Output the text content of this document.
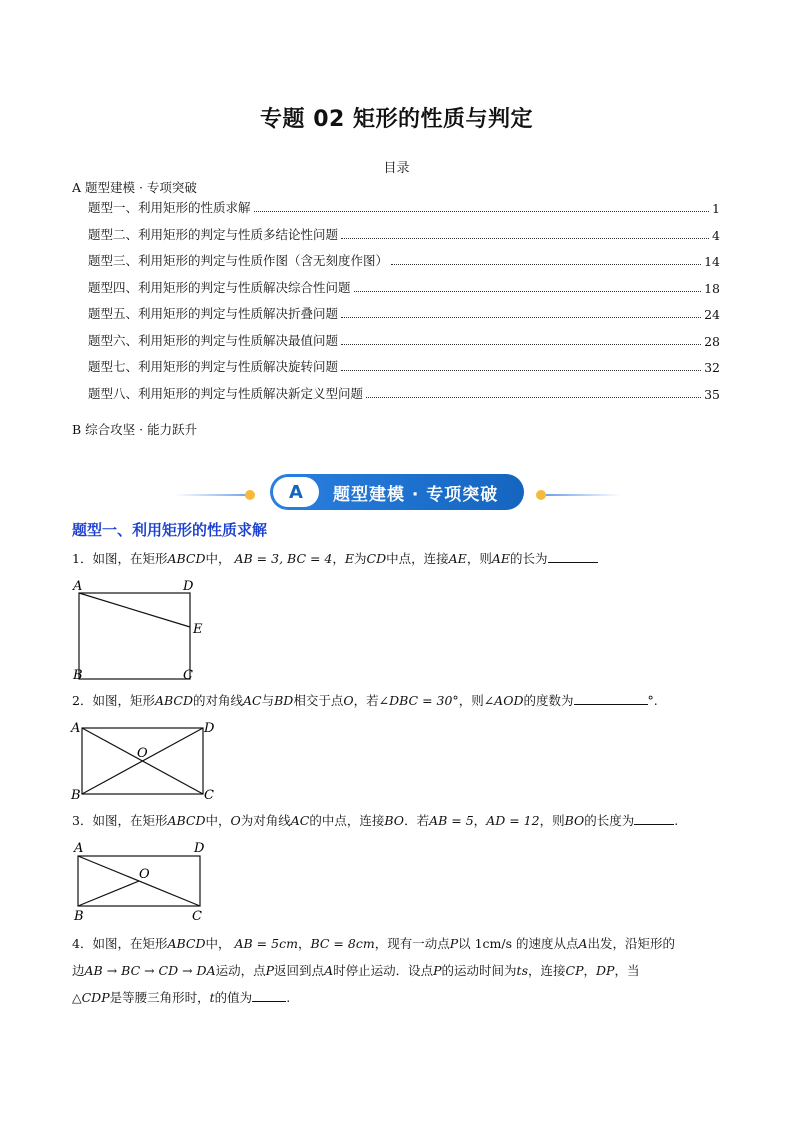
专题 02 矩形的性质与判定
目录
A 题型建模 · 专项突破
题型一、利用矩形的性质求解	1
题型二、利用矩形的判定与性质多结论性问题	4
题型三、利用矩形的判定与性质作图（含无刻度作图）	14
题型四、利用矩形的判定与性质解决综合性问题	18
题型五、利用矩形的判定与性质解决折叠问题	24
题型六、利用矩形的判定与性质解决最值问题	28
题型七、利用矩形的判定与性质解决旋转问题	32
题型八、利用矩形的判定与性质解决新定义型问题	35
B 综合攻坚 · 能力跃升
A	题型建模 · 专项突破
题型一、利用矩形的性质求解
1．如图，在矩形ABCD中， AB = 3, BC = 4，E为CD中点，连接AE，则AE的长为
A	D
E
B	C
2．如图，矩形ABCD的对角线AC与BD相交于点O，若∠DBC = 30°，则∠AOD的度数为	°.
A	D
O
B	C
3．如图，在矩形ABCD中，O为对角线AC的中点，连接BO．若AB = 5，AD = 12，则BO的长度为	.
A	D
O
B	C
4．如图，在矩形ABCD中， AB = 5cm，BC = 8cm，现有一动点P以 1cm/s 的速度从点A出发，沿矩形的
边AB → BC → CD → DA运动，点P返回到点A时停止运动．设点P的运动时间为ts，连接CP，DP，当
△CDP是等腰三角形时，t的值为	.
